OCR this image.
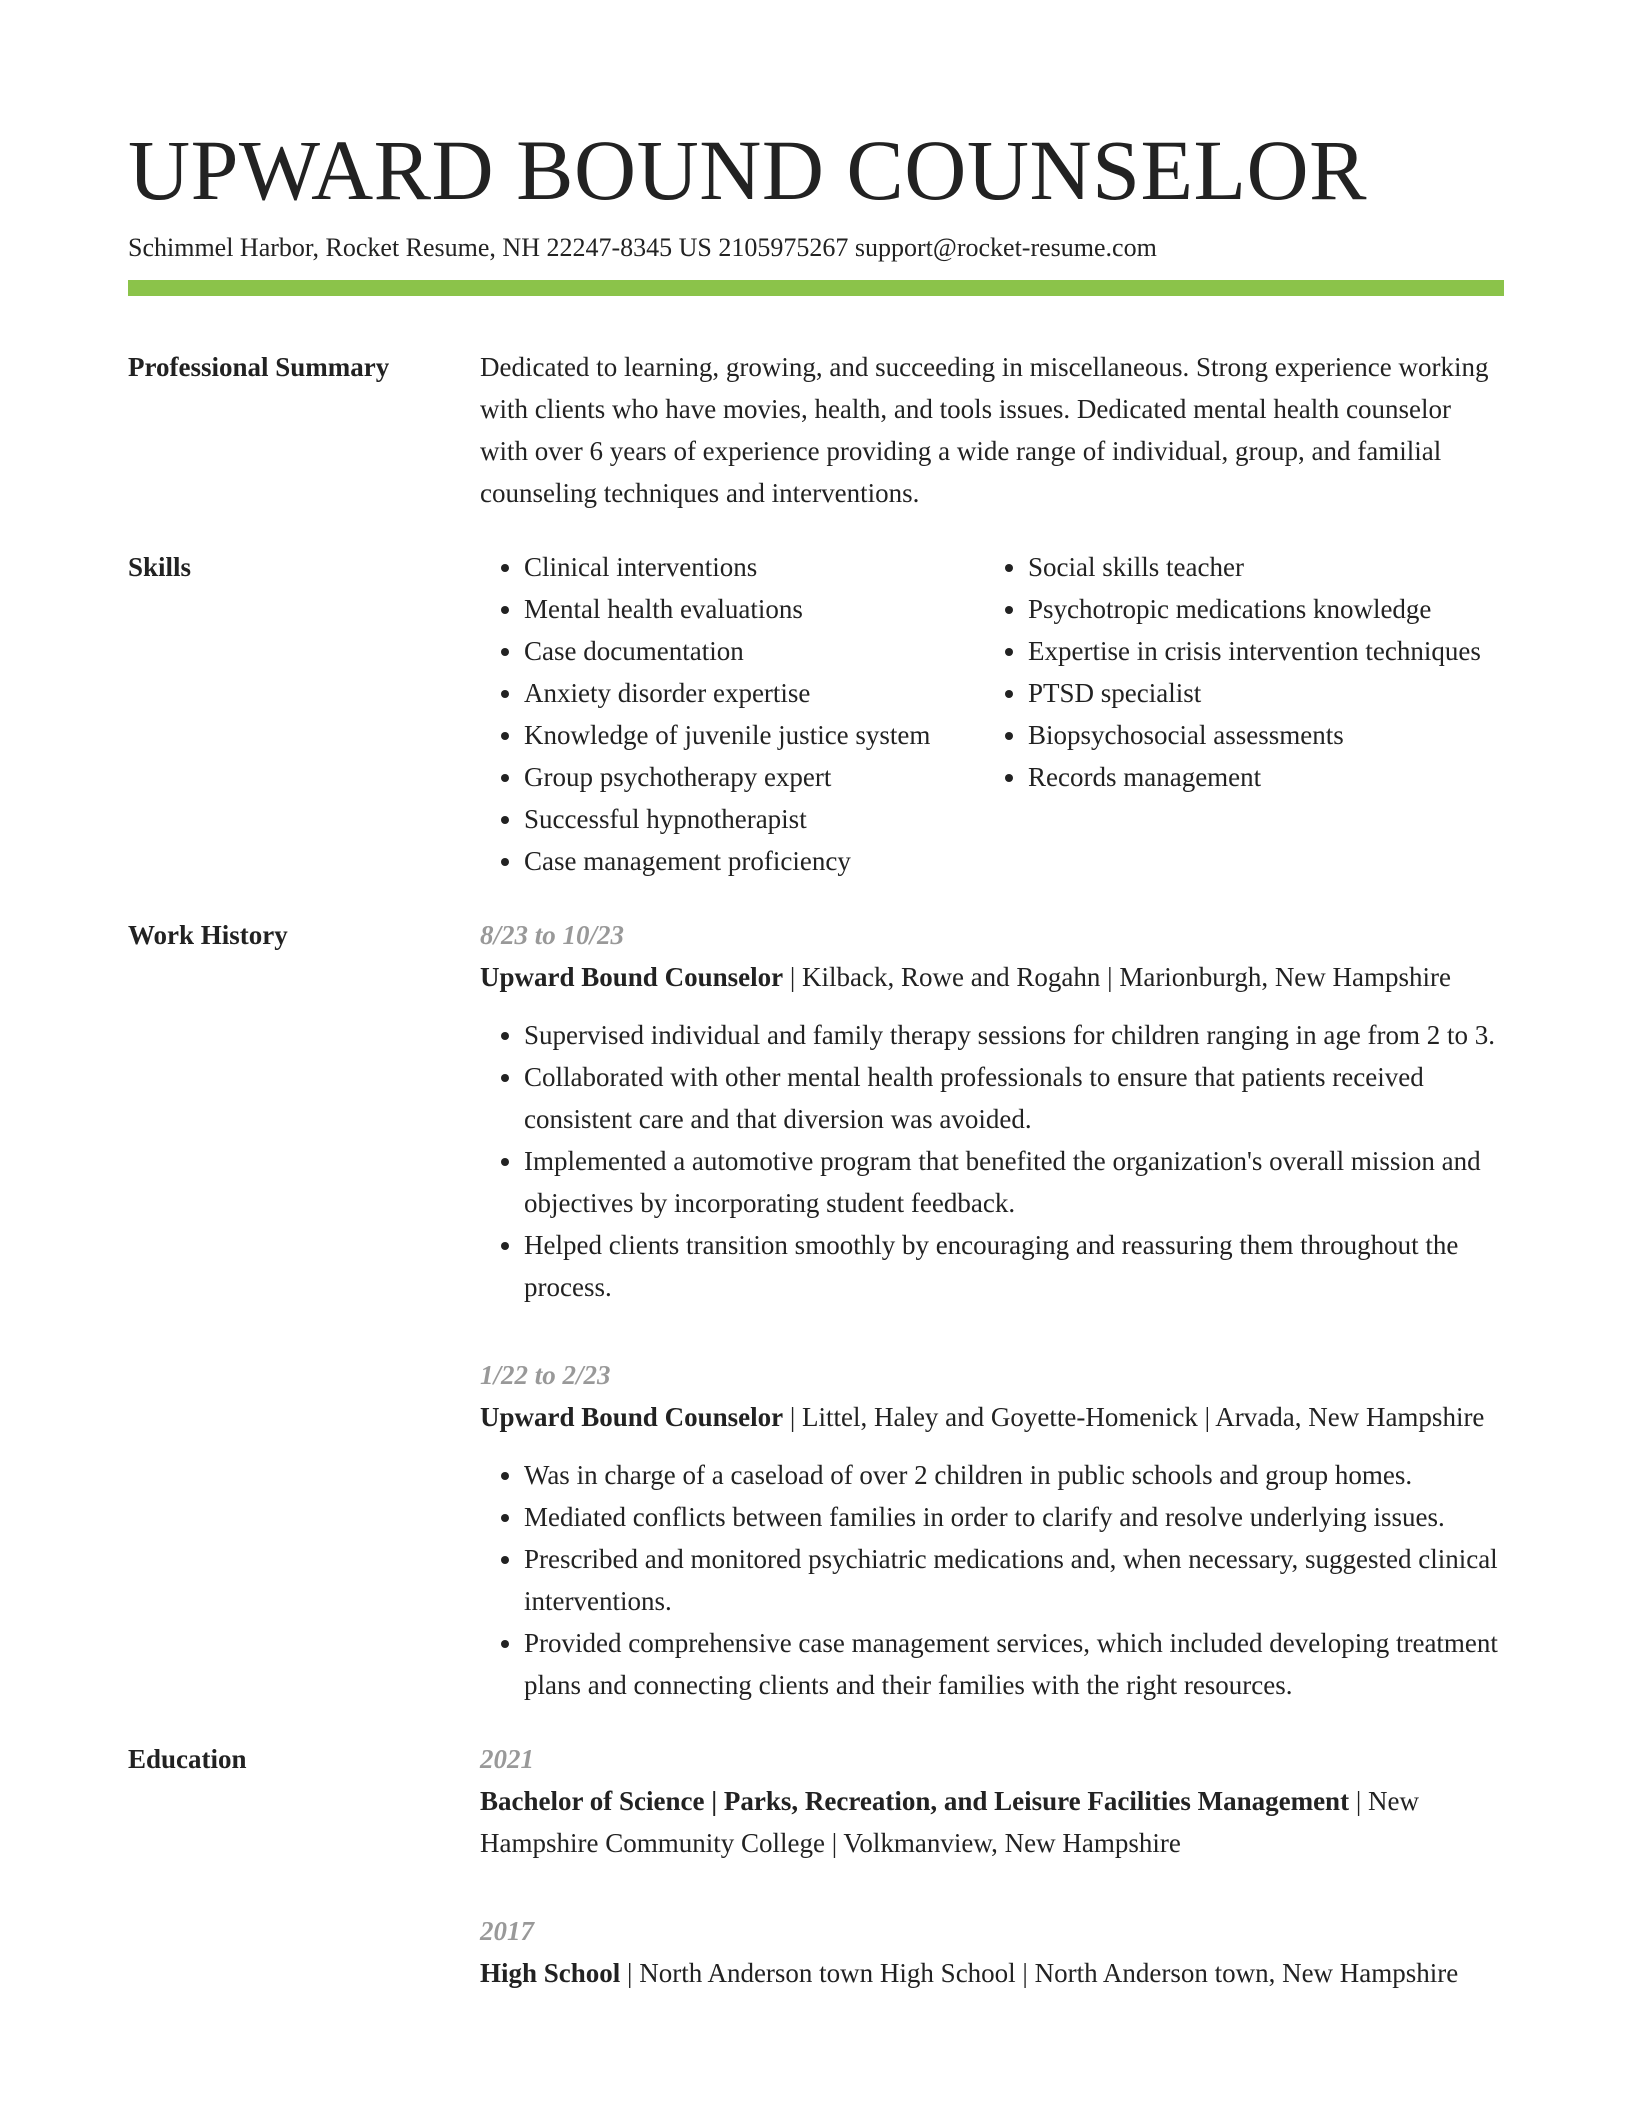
UPWARD BOUND COUNSELOR
Schimmel Harbor, Rocket Resume, NH 22247-8345 US 2105975267 support@rocket-resume.com
Professional Summary	Dedicated to learning, growing, and succeeding in miscellaneous. Strong experience working with clients who have movies, health, and tools issues. Dedicated mental health counselor with over 6 years of experience providing a wide range of individual, group, and familial counseling techniques and interventions.

Skills
•	Clinical interventions
• Mental health evaluations
• Case documentation
• Anxiety disorder expertise
• Knowledge of juvenile justice system
• Group psychotherapy expert
• Successful hypnotherapist
• Case management proficiency
• Social skills teacher
• Psychotropic medications knowledge
• Expertise in crisis intervention techniques
• PTSD specialist
• Biopsychosocial assessments
• Records management
Work History	8/23 to 10/23

Upward Bound Counselor | Kilback, Rowe and Rogahn | Marionburgh, New Hampshire

• Supervised individual and family therapy sessions for children ranging in age from 2 to 3.
• Collaborated with other mental health professionals to ensure that patients received consistent care and that diversion was avoided.
• Implemented a automotive program that benefited the organization's overall mission and objectives by incorporating student feedback.
• Helped clients transition smoothly by encouraging and reassuring them throughout the process.
1/22 to 2/23

Upward Bound Counselor | Littel, Haley and Goyette-Homenick | Arvada, New Hampshire

• Was in charge of a caseload of over 2 children in public schools and group homes.
• Mediated conflicts between families in order to clarify and resolve underlying issues.
• Prescribed and monitored psychiatric medications and, when necessary, suggested clinical interventions.
• Provided comprehensive case management services, which included developing treatment plans and connecting clients and their families with the right resources.
Education	2021

Bachelor of Science | Parks, Recreation, and Leisure Facilities Management | New Hampshire Community College | Volkmanview, New Hampshire

2017

High School | North Anderson town High School | North Anderson town, New Hampshire
